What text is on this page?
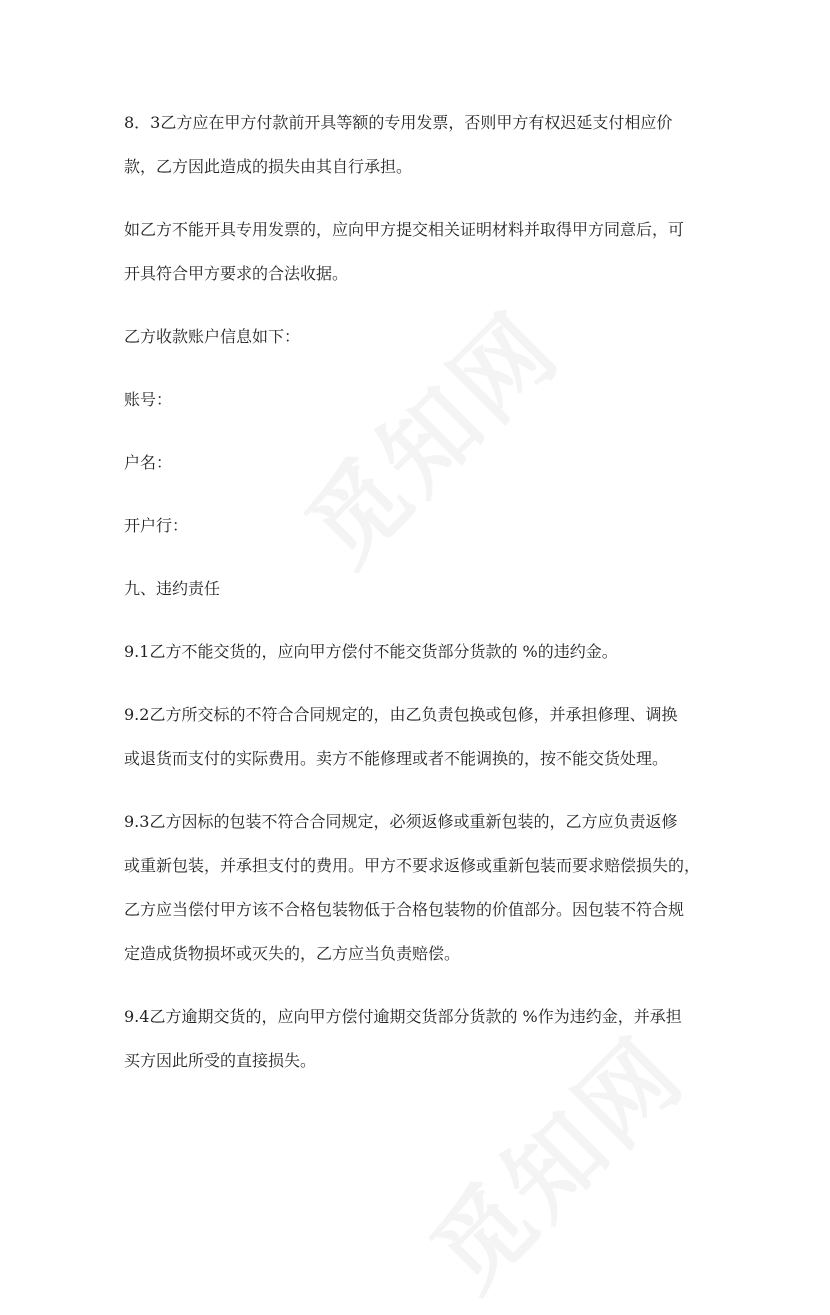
8．3乙方应在甲方付款前开具等额的专用发票，否则甲方有权迟延支付相应价

款，乙方因此造成的损失由其自行承担。

如乙方不能开具专用发票的，应向甲方提交相关证明材料并取得甲方同意后，可

开具符合甲方要求的合法收据。

乙方收款账户信息如下：

账号：

户名：

开户行：

九、违约责任

9.1乙方不能交货的，应向甲方偿付不能交货部分货款的 %的违约金。

9.2乙方所交标的不符合合同规定的，由乙负责包换或包修，并承担修理、调换

或退货而支付的实际费用。卖方不能修理或者不能调换的，按不能交货处理。

9.3乙方因标的包装不符合合同规定，必须返修或重新包装的，乙方应负责返修

或重新包装，并承担支付的费用。甲方不要求返修或重新包装而要求赔偿损失的，

乙方应当偿付甲方该不合格包装物低于合格包装物的价值部分。因包装不符合规

定造成货物损坏或灭失的，乙方应当负责赔偿。

9.4乙方逾期交货的，应向甲方偿付逾期交货部分货款的 %作为违约金，并承担

买方因此所受的直接损失。
